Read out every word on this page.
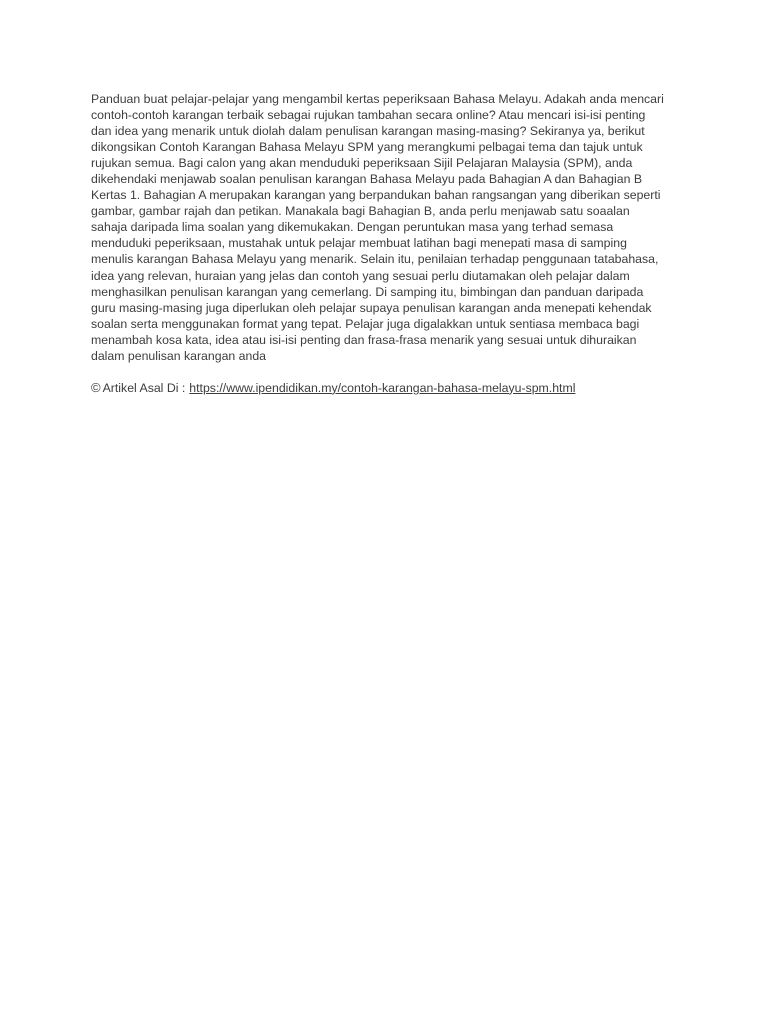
Panduan buat pelajar-pelajar yang mengambil kertas peperiksaan Bahasa Melayu. Adakah anda mencari
contoh-contoh karangan terbaik sebagai rujukan tambahan secara online? Atau mencari isi-isi penting
dan idea yang menarik untuk diolah dalam penulisan karangan masing-masing? Sekiranya ya, berikut
dikongsikan Contoh Karangan Bahasa Melayu SPM yang merangkumi pelbagai tema dan tajuk untuk
rujukan semua. Bagi calon yang akan menduduki peperiksaan Sijil Pelajaran Malaysia (SPM), anda
dikehendaki menjawab soalan penulisan karangan Bahasa Melayu pada Bahagian A dan Bahagian B
Kertas 1. Bahagian A merupakan karangan yang berpandukan bahan rangsangan yang diberikan seperti
gambar, gambar rajah dan petikan. Manakala bagi Bahagian B, anda perlu menjawab satu soaalan
sahaja daripada lima soalan yang dikemukakan. Dengan peruntukan masa yang terhad semasa
menduduki peperiksaan, mustahak untuk pelajar membuat latihan bagi menepati masa di samping
menulis karangan Bahasa Melayu yang menarik. Selain itu, penilaian terhadap penggunaan tatabahasa,
idea yang relevan, huraian yang jelas dan contoh yang sesuai perlu diutamakan oleh pelajar dalam
menghasilkan penulisan karangan yang cemerlang. Di samping itu, bimbingan dan panduan daripada
guru masing-masing juga diperlukan oleh pelajar supaya penulisan karangan anda menepati kehendak
soalan serta menggunakan format yang tepat. Pelajar juga digalakkan untuk sentiasa membaca bagi
menambah kosa kata, idea atau isi-isi penting dan frasa-frasa menarik yang sesuai untuk dihuraikan
dalam penulisan karangan anda
© Artikel Asal Di : https://www.ipendidikan.my/contoh-karangan-bahasa-melayu-spm.html
